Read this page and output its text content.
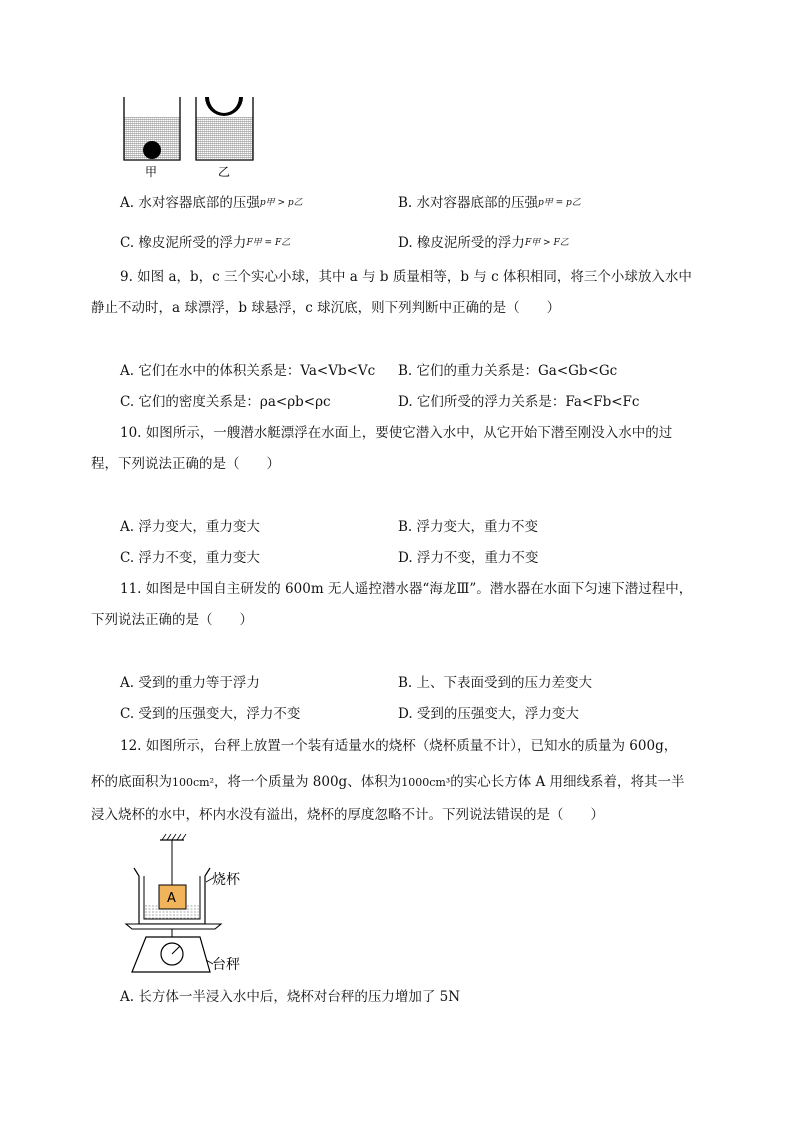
甲	乙
A. 水对容器底部的压强p甲 > p乙	B. 水对容器底部的压强p甲 = p乙
C. 橡皮泥所受的浮力F甲 = F乙	D. 橡皮泥所受的浮力F甲 > F乙
9. 如图 a，b，c 三个实心小球，其中 a 与 b 质量相等，b 与 c 体积相同，将三个小球放入水中
静止不动时，a 球漂浮，b 球悬浮，c 球沉底，则下列判断中正确的是（　　）
A. 它们在水中的体积关系是：Va<Vb<Vc B. 它们的重力关系是：Ga<Gb<Gc
C. 它们的密度关系是：ρa<ρb<ρc	D. 它们所受的浮力关系是：Fa<Fb<Fc
10. 如图所示，一艘潜水艇漂浮在水面上，要使它潜入水中，从它开始下潜至刚没入水中的过
程，下列说法正确的是（　　）
A. 浮力变大，重力变大	B. 浮力变大，重力不变
C. 浮力不变，重力变大	D. 浮力不变，重力不变
11. 如图是中国自主研发的 600m 无人遥控潜水器“海龙Ⅲ”。潜水器在水面下匀速下潜过程中，
下列说法正确的是（　　）
A. 受到的重力等于浮力	B. 上、下表面受到的压力差变大
C. 受到的压强变大，浮力不变	D. 受到的压强变大，浮力变大
12. 如图所示，台秤上放置一个装有适量水的烧杯（烧杯质量不计），已知水的质量为 600g，
杯的底面积为100cm²，将一个质量为 800g、体积为1000cm³的实心长方体 A 用细线系着，将其一半
浸入烧杯的水中，杯内水没有溢出，烧杯的厚度忽略不计。下列说法错误的是（　　）
A
烧杯
台秤
A. 长方体一半浸入水中后，烧杯对台秤的压力增加了 5N
